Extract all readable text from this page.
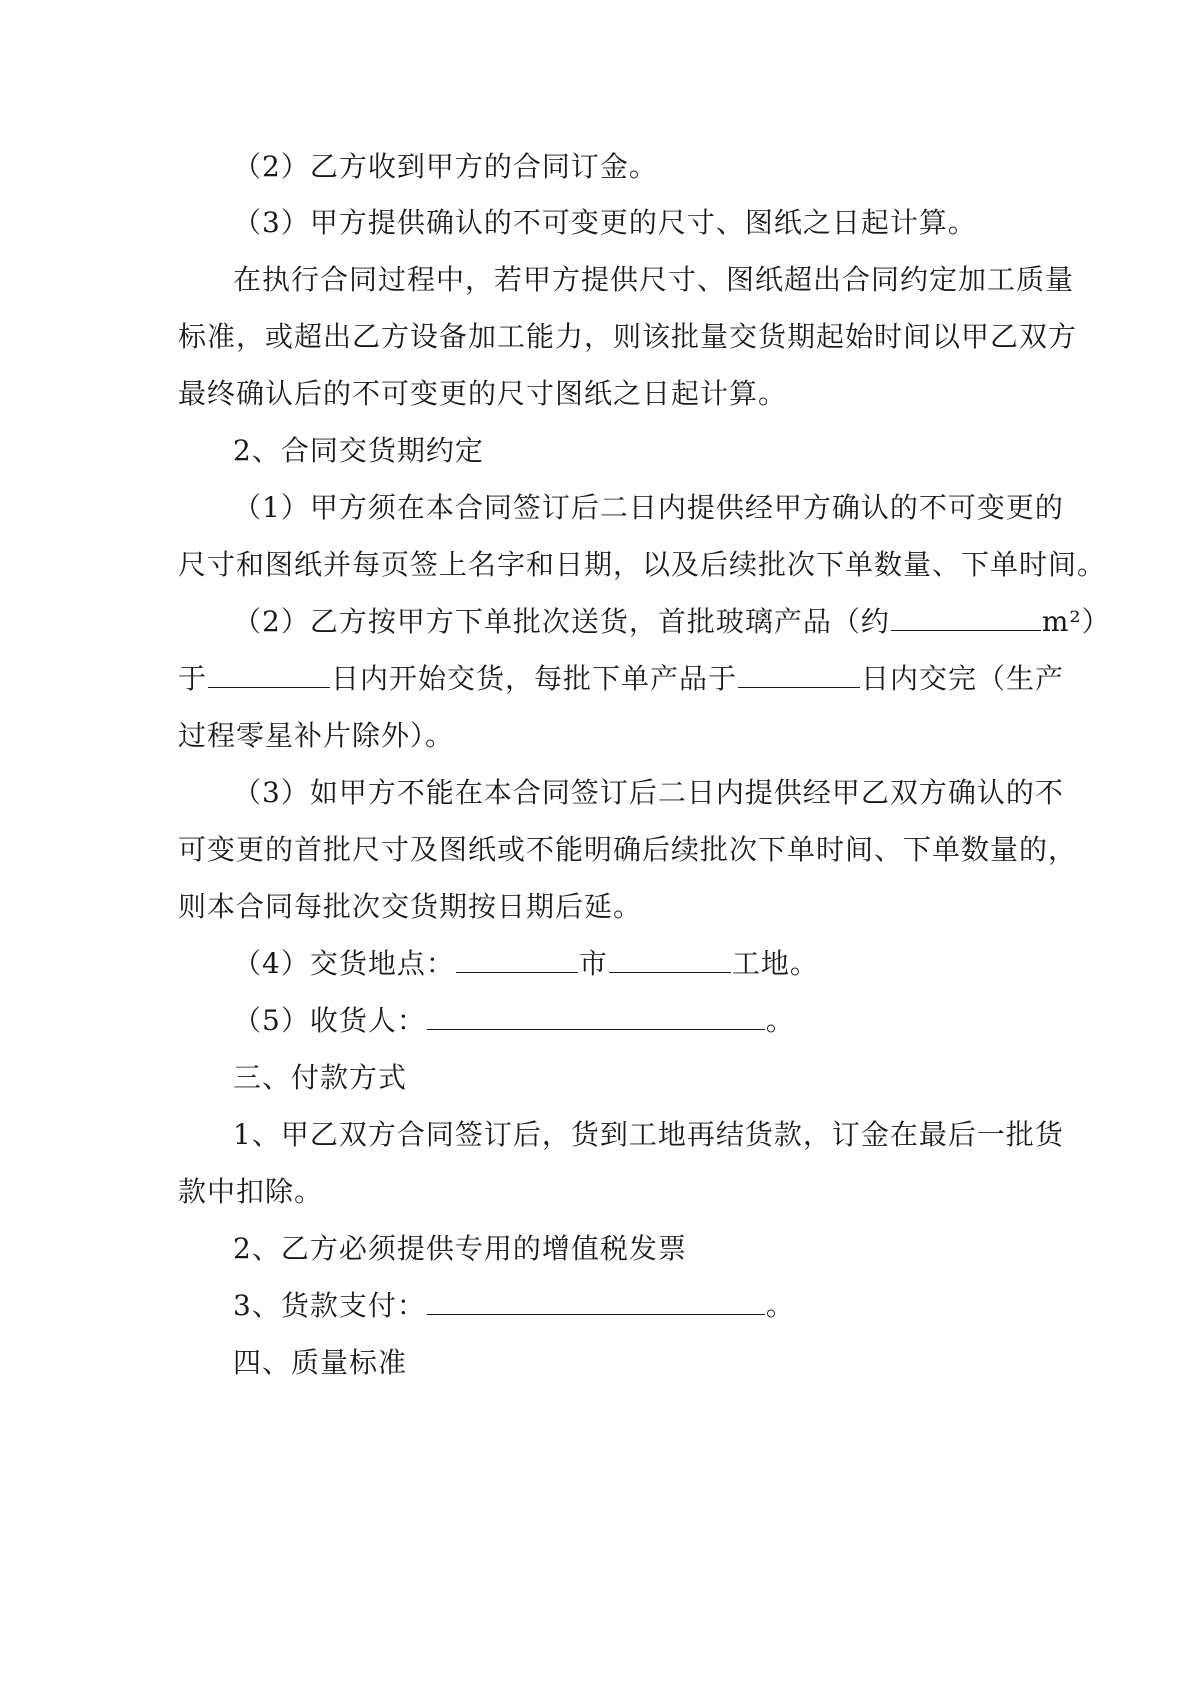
（2）乙方收到甲方的合同订金。
（3）甲方提供确认的不可变更的尺寸、图纸之日起计算。
在执行合同过程中，若甲方提供尺寸、图纸超出合同约定加工质量
标准，或超出乙方设备加工能力，则该批量交货期起始时间以甲乙双方
最终确认后的不可变更的尺寸图纸之日起计算。
2、合同交货期约定
（1）甲方须在本合同签订后二日内提供经甲方确认的不可变更的
尺寸和图纸并每页签上名字和日期，以及后续批次下单数量、下单时间。
（2）乙方按甲方下单批次送货，首批玻璃产品（约	m²）
于	日内开始交货，每批下单产品于	日内交完（生产
过程零星补片除外）。
（3）如甲方不能在本合同签订后二日内提供经甲乙双方确认的不
可变更的首批尺寸及图纸或不能明确后续批次下单时间、下单数量的，
则本合同每批次交货期按日期后延。
（4）交货地点：	市	工地。
（5）收货人：	。
三、付款方式
1、甲乙双方合同签订后，货到工地再结货款，订金在最后一批货
款中扣除。
2、乙方必须提供专用的增值税发票
3、货款支付：	。
四、质量标准
